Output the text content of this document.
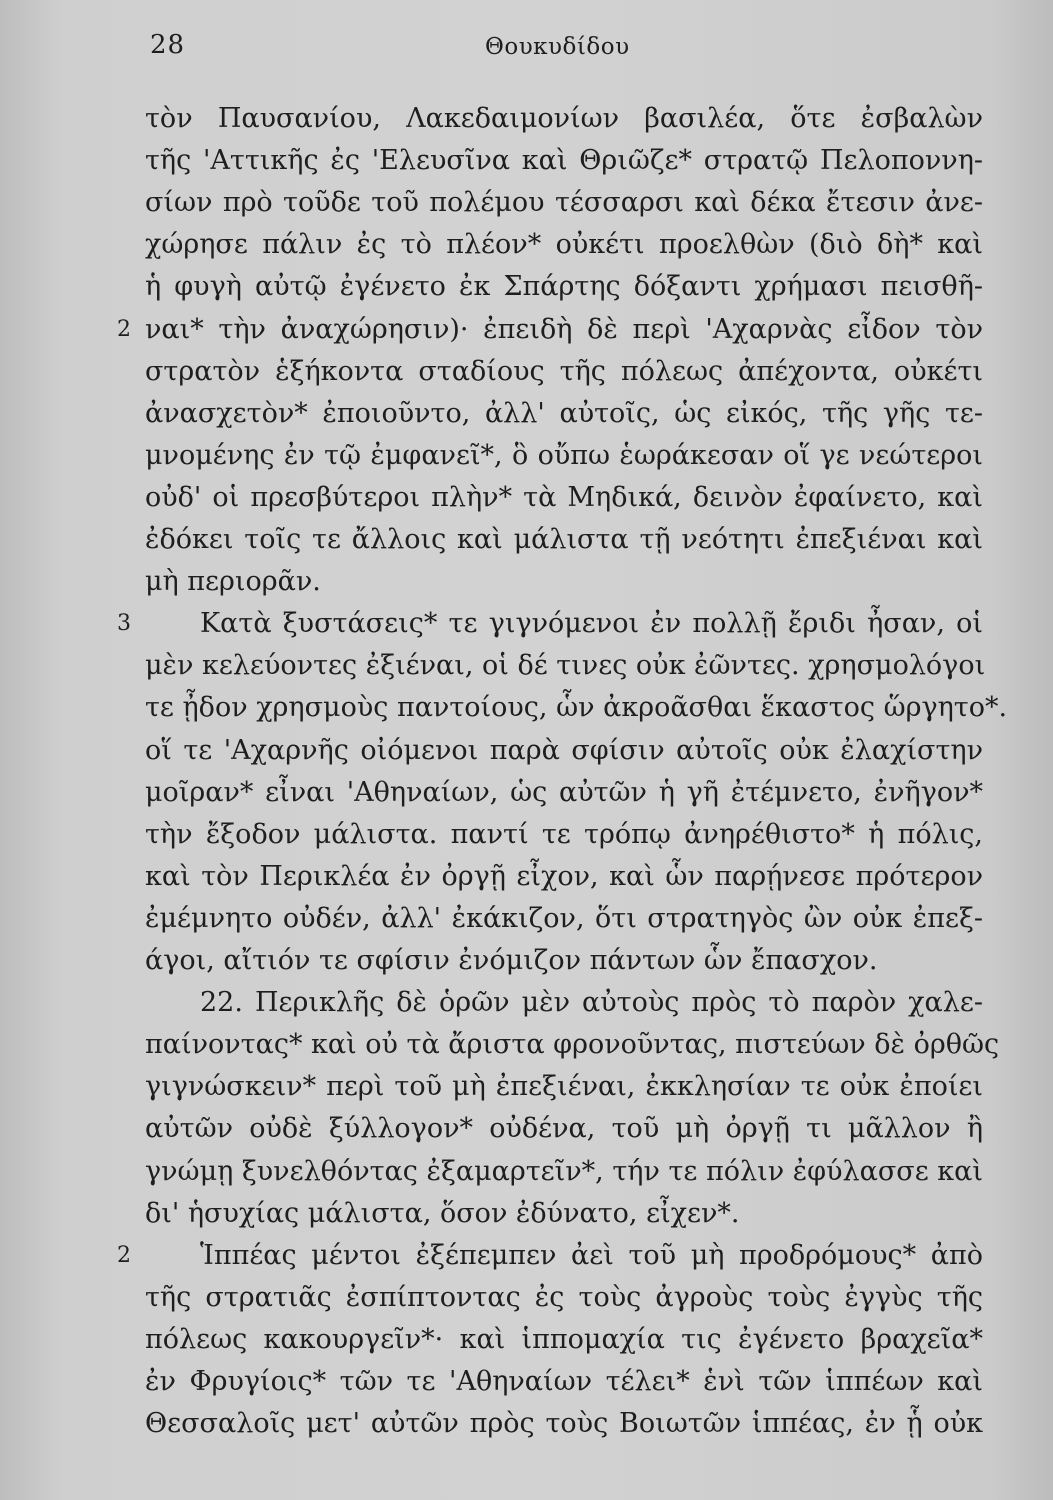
28	Θουκυδίδου
τὸν Παυσανίου, Λακεδαιμονίων βασιλέα, ὅτε ἐσβαλὼν
τῆς 'Αττικῆς ἐς 'Ελευσῖνα καὶ Θριῶζε* στρατῷ Πελοποννη-
σίων πρὸ τοῦδε τοῦ πολέμου τέσσαρσι καὶ δέκα ἔτεσιν ἀνε-
χώρησε πάλιν ἐς τὸ πλέον* οὐκέτι προελθὼν (διὸ δὴ* καὶ
ἡ φυγὴ αὐτῷ ἐγένετο ἐκ Σπάρτης δόξαντι χρήμασι πεισθῆ-
2 ναι* τὴν ἀναχώρησιν)· ἐπειδὴ δὲ περὶ 'Αχαρνὰς εἶδον τὸν
στρατὸν ἑξήκοντα σταδίους τῆς πόλεως ἀπέχοντα, οὐκέτι
ἀνασχετὸν* ἐποιοῦντο, ἀλλ' αὐτοῖς, ὡς εἰκός, τῆς γῆς τε-
μνομένης ἐν τῷ ἐμφανεῖ*, ὃ οὔπω ἑωράκεσαν οἵ γε νεώτεροι
οὐδ' οἱ πρεσβύτεροι πλὴν* τὰ Μηδικά, δεινὸν ἐφαίνετο, καὶ
ἐδόκει τοῖς τε ἄλλοις καὶ μάλιστα τῇ νεότητι ἐπεξιέναι καὶ
μὴ περιορᾶν.
3	Κατὰ ξυστάσεις* τε γιγνόμενοι ἐν πολλῇ ἔριδι ἦσαν, οἱ
μὲν κελεύοντες ἐξιέναι, οἱ δέ τινες οὐκ ἐῶντες. χρησμολόγοι
τε ᾖδον χρησμοὺς παντοίους, ὧν ἀκροᾶσθαι ἕκαστος ὥργητο*.
οἵ τε 'Αχαρνῆς οἰόμενοι παρὰ σφίσιν αὐτοῖς οὐκ ἐλαχίστην
μοῖραν* εἶναι 'Αθηναίων, ὡς αὐτῶν ἡ γῆ ἐτέμνετο, ἐνῆγον*
τὴν ἔξοδον μάλιστα. παντί τε τρόπῳ ἀνηρέθιστο* ἡ πόλις,
καὶ τὸν Περικλέα ἐν ὀργῇ εἶχον, καὶ ὧν παρῄνεσε πρότερον
ἐμέμνητο οὐδέν, ἀλλ' ἐκάκιζον, ὅτι στρατηγὸς ὢν οὐκ ἐπεξ-
άγοι, αἴτιόν τε σφίσιν ἐνόμιζον πάντων ὧν ἔπασχον.
22. Περικλῆς δὲ ὁρῶν μὲν αὐτοὺς πρὸς τὸ παρὸν χαλε-
παίνοντας* καὶ οὐ τὰ ἄριστα φρονοῦντας, πιστεύων δὲ ὀρθῶς
γιγνώσκειν* περὶ τοῦ μὴ ἐπεξιέναι, ἐκκλησίαν τε οὐκ ἐποίει
αὐτῶν οὐδὲ ξύλλογον* οὐδένα, τοῦ μὴ ὀργῇ τι μᾶλλον ἢ
γνώμῃ ξυνελθόντας ἐξαμαρτεῖν*, τήν τε πόλιν ἐφύλασσε καὶ
δι' ἡσυχίας μάλιστα, ὅσον ἐδύνατο, εἶχεν*.
2	Ἱππέας μέντοι ἐξέπεμπεν ἀεὶ τοῦ μὴ προδρόμους* ἀπὸ
τῆς στρατιᾶς ἐσπίπτοντας ἐς τοὺς ἀγροὺς τοὺς ἐγγὺς τῆς
πόλεως κακουργεῖν*· καὶ ἱππομαχία τις ἐγένετο βραχεῖα*
ἐν Φρυγίοις* τῶν τε 'Αθηναίων τέλει* ἑνὶ τῶν ἱππέων καὶ
Θεσσαλοῖς μετ' αὐτῶν πρὸς τοὺς Βοιωτῶν ἱππέας, ἐν ᾗ οὐκ
